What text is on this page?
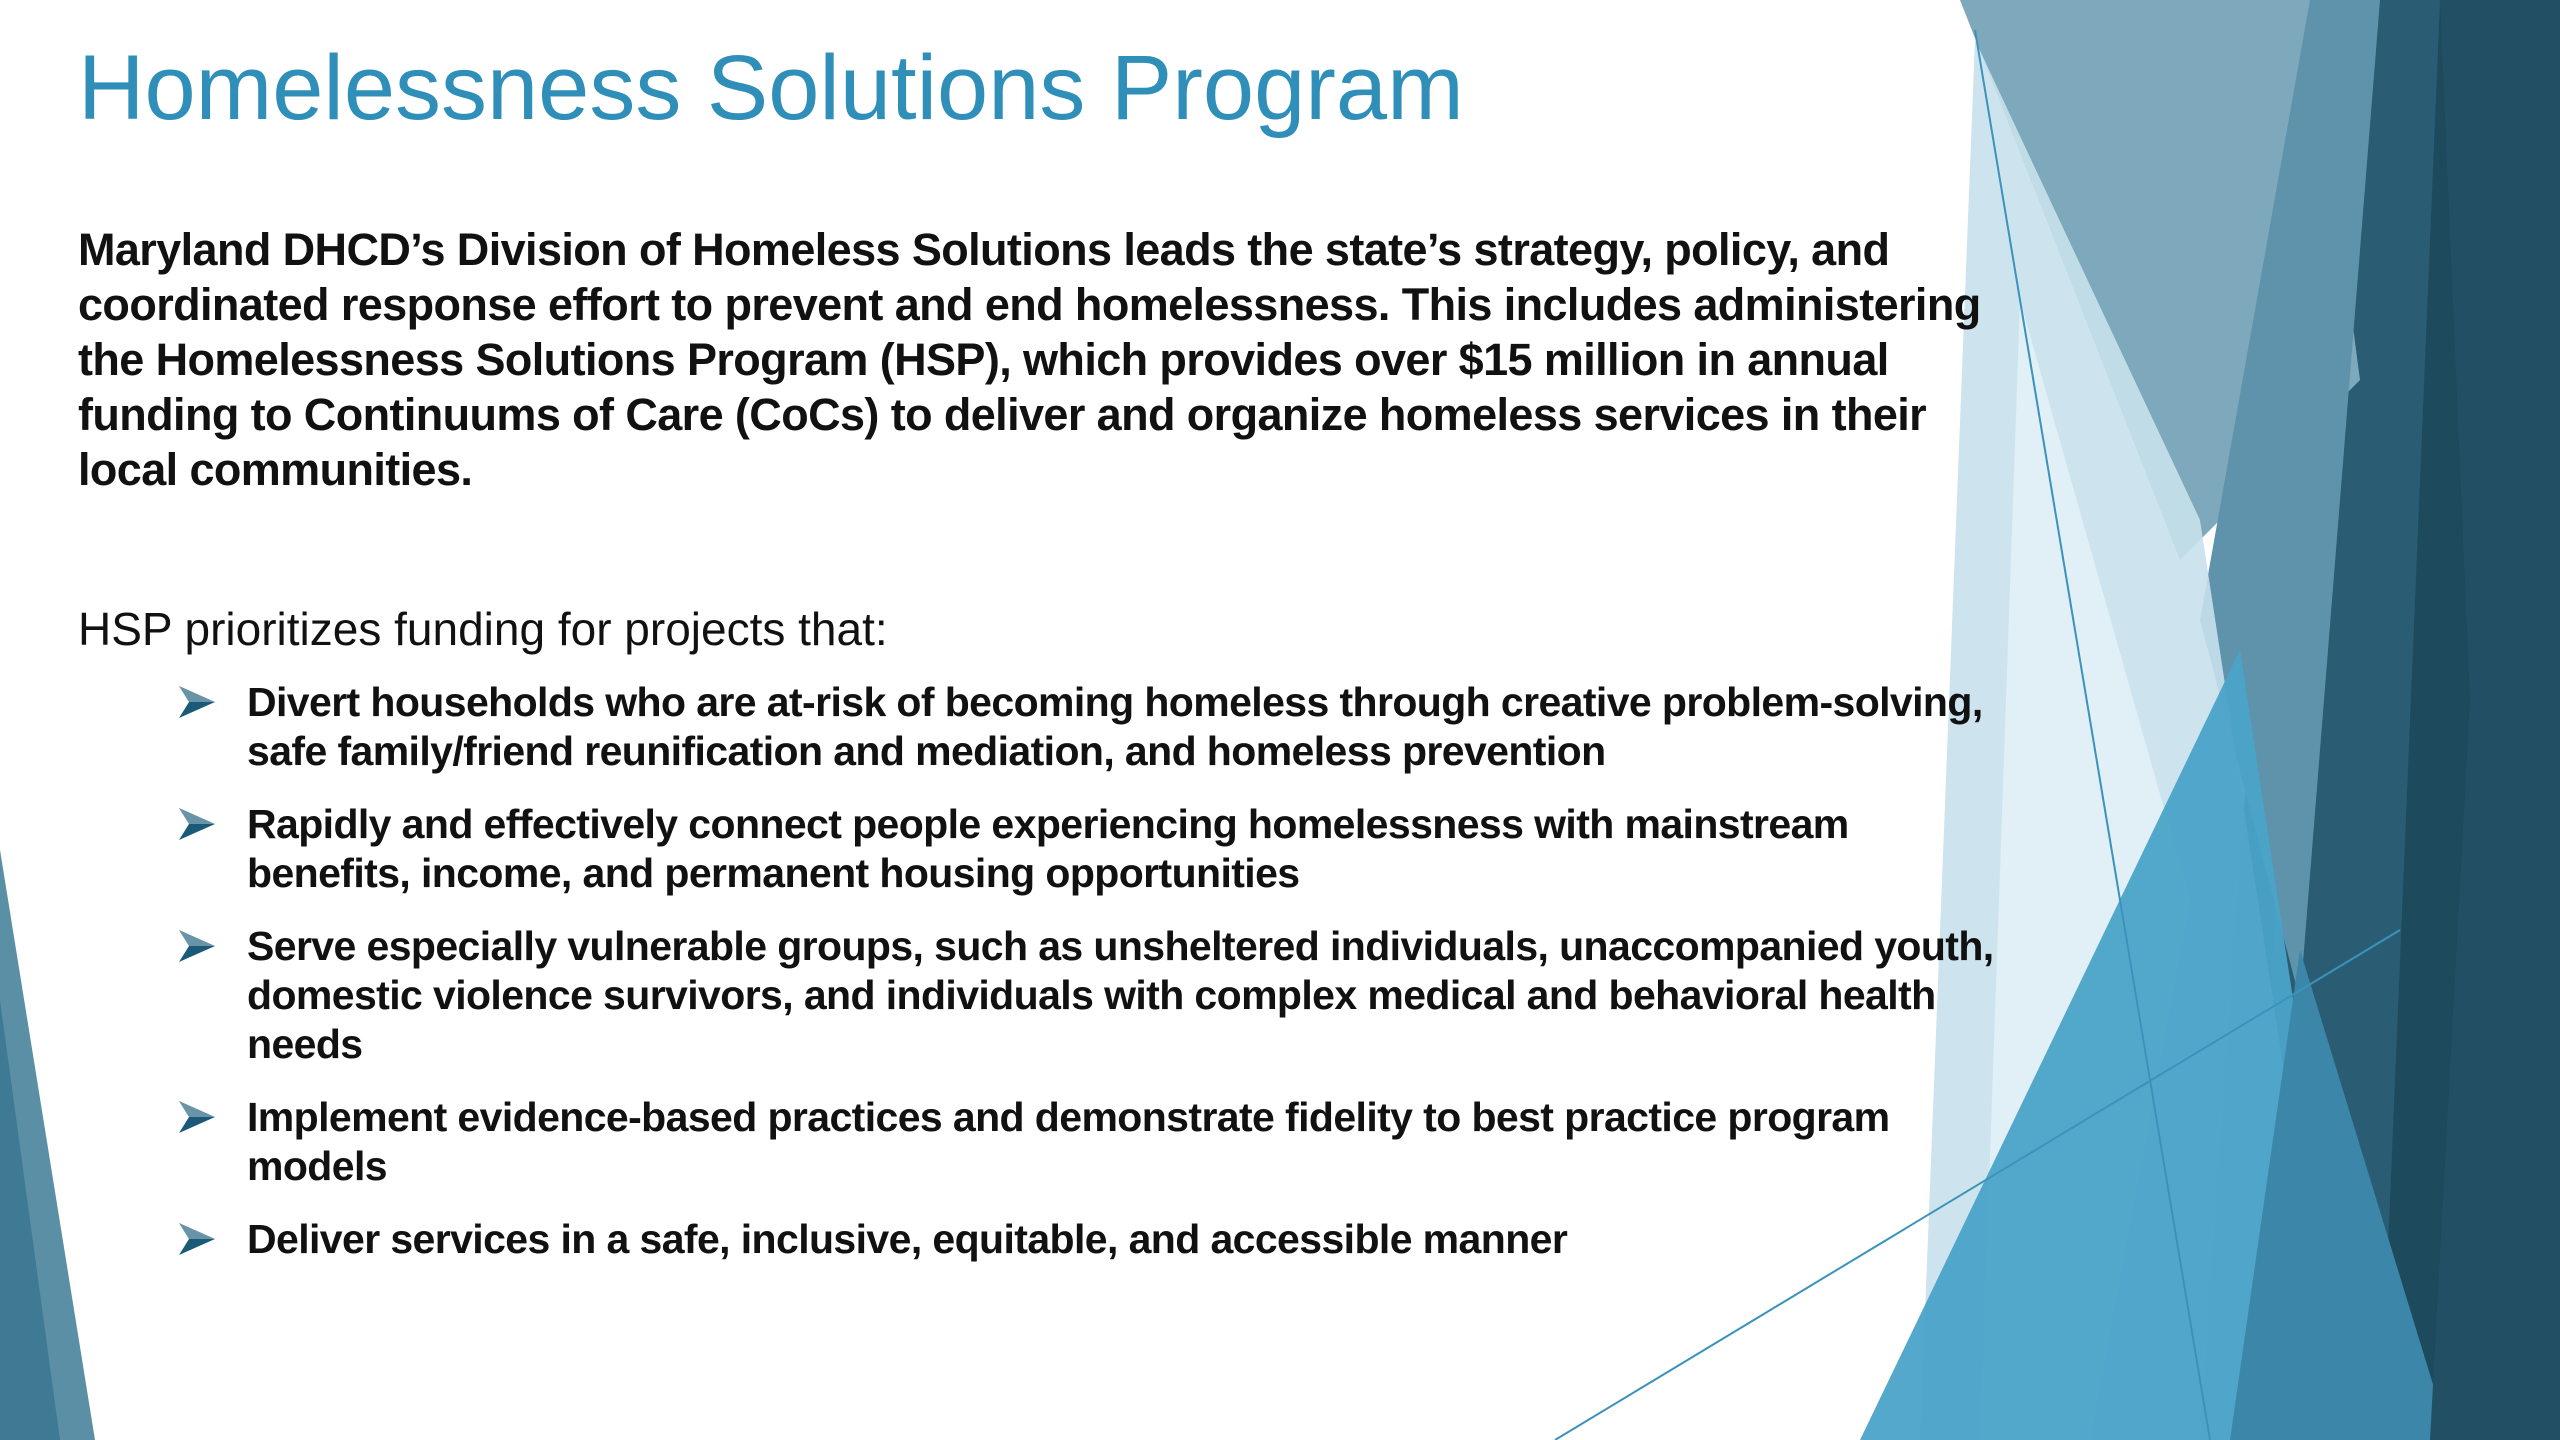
Homelessness Solutions Program

Maryland DHCD’s Division of Homeless Solutions leads the state’s strategy, policy, and coordinated response effort to prevent and end homelessness. This includes administering the Homelessness Solutions Program (HSP), which provides over $15 million in annual funding to Continuums of Care (CoCs) to deliver and organize homeless services in their local communities.

HSP prioritizes funding for projects that:

Divert households who are at-risk of becoming homeless through creative problem-solving, safe family/friend reunification and mediation, and homeless prevention
Rapidly and effectively connect people experiencing homelessness with mainstream benefits, income, and permanent housing opportunities
Serve especially vulnerable groups, such as unsheltered individuals, unaccompanied youth, domestic violence survivors, and individuals with complex medical and behavioral health needs
Implement evidence-based practices and demonstrate fidelity to best practice program models
Deliver services in a safe, inclusive, equitable, and accessible manner
